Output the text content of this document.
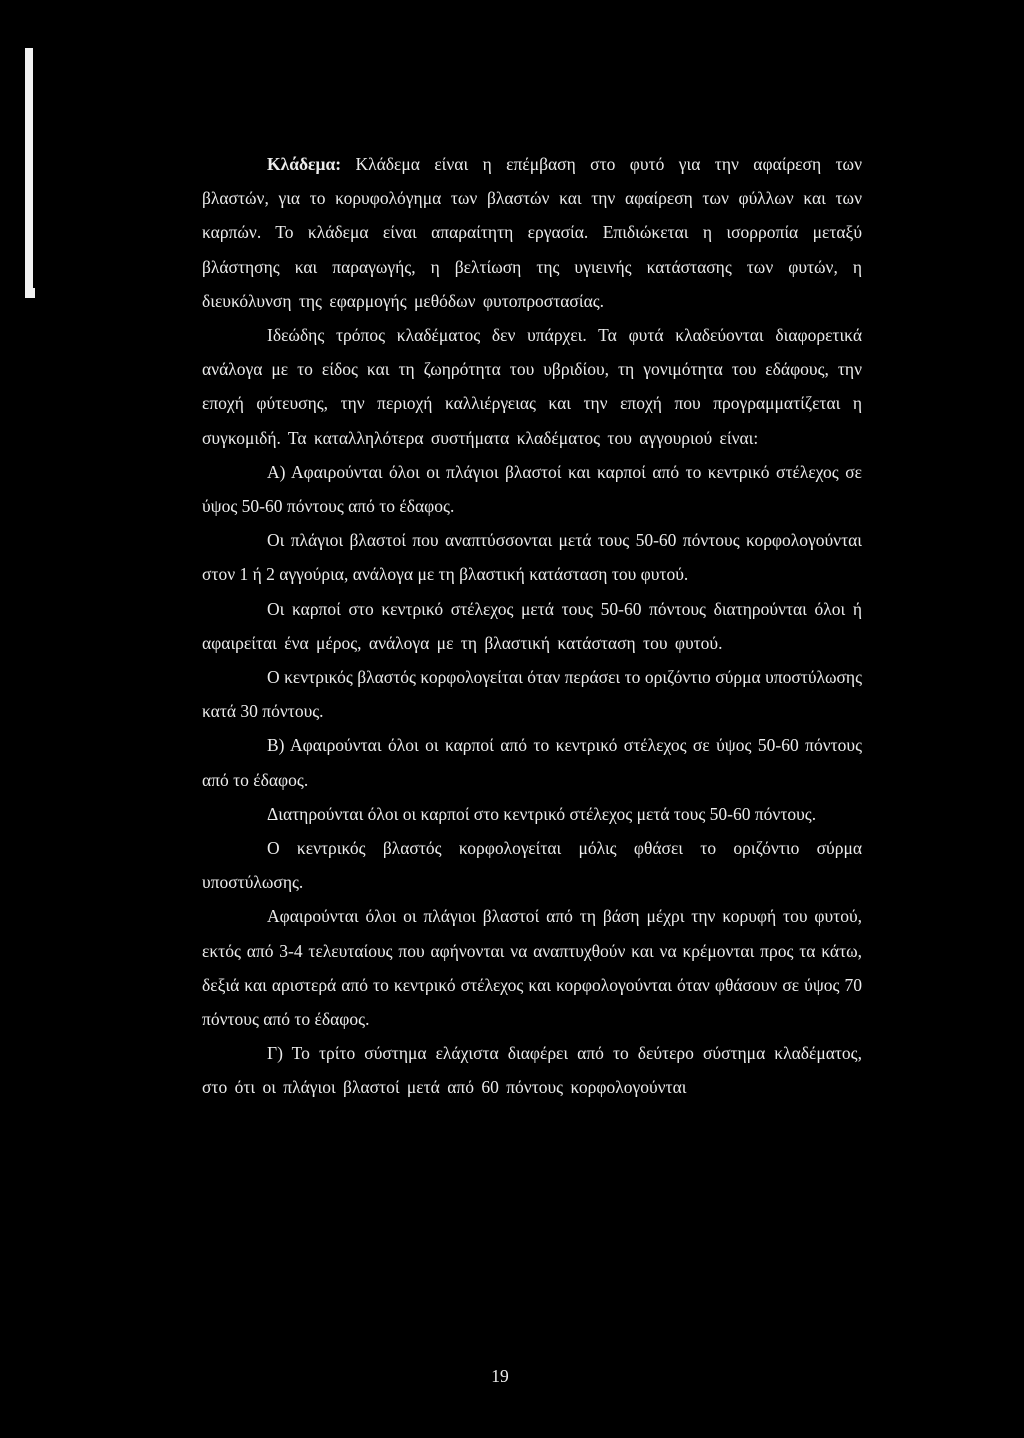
Κλάδεμα: Κλάδεμα είναι η επέμβαση στο φυτό για την αφαίρεση των βλαστών, για το κορυφολόγημα των βλαστών και την αφαίρεση των φύλλων και των καρπών. Το κλάδεμα είναι απαραίτητη εργασία. Επιδιώκεται η ισορροπία μεταξύ βλάστησης και παραγωγής, η βελτίωση της υγιεινής κατάστασης των φυτών, η διευκόλυνση της εφαρμογής μεθόδων φυτοπροστασίας.

Ιδεώδης τρόπος κλαδέματος δεν υπάρχει. Τα φυτά κλαδεύονται διαφορετικά ανάλογα με το είδος και τη ζωηρότητα του υβριδίου, τη γονιμότητα του εδάφους, την εποχή φύτευσης, την περιοχή καλλιέργειας και την εποχή που προγραμματίζεται η συγκομιδή. Τα καταλληλότερα συστήματα κλαδέματος του αγγουριού είναι:

Α) Αφαιρούνται όλοι οι πλάγιοι βλαστοί και καρποί από το κεντρικό στέλεχος σε ύψος 50-60 πόντους από το έδαφος.

Οι πλάγιοι βλαστοί που αναπτύσσονται μετά τους 50-60 πόντους κορφολογούνται στον 1 ή 2 αγγούρια, ανάλογα με τη βλαστική κατάσταση του φυτού.

Οι καρποί στο κεντρικό στέλεχος μετά τους 50-60 πόντους διατηρούνται όλοι ή αφαιρείται ένα μέρος, ανάλογα με τη βλαστική κατάσταση του φυτού.

Ο κεντρικός βλαστός κορφολογείται όταν περάσει το οριζόντιο σύρμα υποστύλωσης κατά 30 πόντους.

Β) Αφαιρούνται όλοι οι καρποί από το κεντρικό στέλεχος σε ύψος 50-60 πόντους από το έδαφος.

Διατηρούνται όλοι οι καρποί στο κεντρικό στέλεχος μετά τους 50-60 πόντους.

Ο κεντρικός βλαστός κορφολογείται μόλις φθάσει το οριζόντιο σύρμα υποστύλωσης.

Αφαιρούνται όλοι οι πλάγιοι βλαστοί από τη βάση μέχρι την κορυφή του φυτού, εκτός από 3-4 τελευταίους που αφήνονται να αναπτυχθούν και να κρέμονται προς τα κάτω, δεξιά και αριστερά από το κεντρικό στέλεχος και κορφολογούνται όταν φθάσουν σε ύψος 70 πόντους από το έδαφος.

Γ) Το τρίτο σύστημα ελάχιστα διαφέρει από το δεύτερο σύστημα κλαδέματος, στο ότι οι πλάγιοι βλαστοί μετά από 60 πόντους κορφολογούνται

19
